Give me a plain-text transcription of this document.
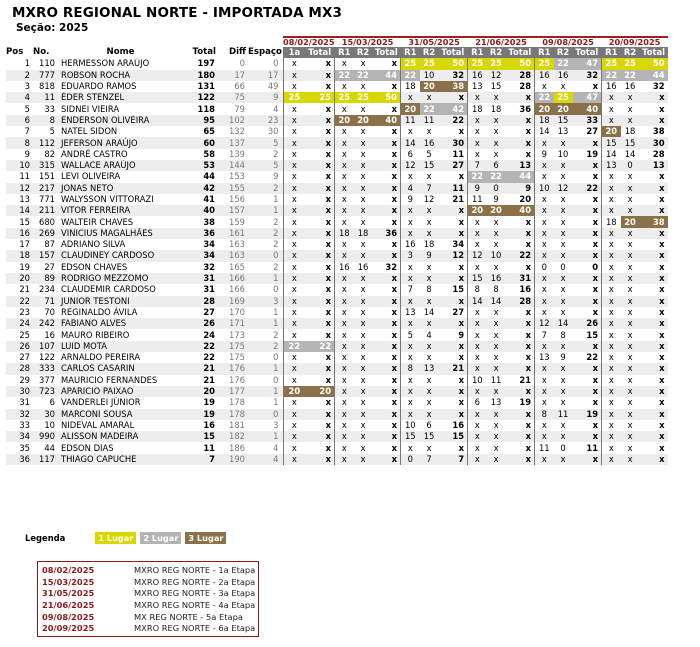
MXRO REGIONAL NORTE - IMPORTADA MX3
Seção: 2025
						08/02/2025		15/03/2025			31/05/2025			21/06/2025			09/08/2025			20/09/2025		
Pos	No.	Nome	Total	Diff	Espaço	1a	Total	R1	R2	Total	R1	R2	Total	R1	R2	Total	R1	R2	Total	R1	R2	Total
1	110	HERMESSON ARAÚJO	197	0	0	x	x	x	x	x	25	25	50	25	25	50	25	22	47	25	25	50
2	777	ROBSON ROCHA	180	17	17	x	x	22	22	44	22	10	32	16	12	28	16	16	32	22	22	44
3	818	EDUARDO RAMOS	131	66	49	x	x	x	x	x	18	20	38	13	15	28	x	x	x	16	16	32
4	11	ÉDER STENZEL	122	75	9	25	25	25	25	50	x	x	x	x	x	x	22	25	47	x	x	x
5	33	SIDNEI VIEIRA	118	79	4	x	x	x	x	x	20	22	42	18	18	36	20	20	40	x	x	x
6	8	ENDERSON OLIVEIRA	95	102	23	x	x	20	20	40	11	11	22	x	x	x	18	15	33	x	x	x
7	5	NATEL SIDON	65	132	30	x	x	x	x	x	x	x	x	x	x	x	14	13	27	20	18	38
8	112	JEFERSON ARAÚJO	60	137	5	x	x	x	x	x	14	16	30	x	x	x	x	x	x	15	15	30
9	82	ANDRÉ CASTRO	58	139	2	x	x	x	x	x	6	5	11	x	x	x	9	10	19	14	14	28
10	315	WALLACE ARAÚJO	53	144	5	x	x	x	x	x	12	15	27	7	6	13	x	x	x	13	0	13
11	151	LEVI OLIVEIRA	44	153	9	x	x	x	x	x	x	x	x	22	22	44	x	x	x	x	x	x
12	217	JONAS NETO	42	155	2	x	x	x	x	x	4	7	11	9	0	9	10	12	22	x	x	x
13	771	WALYSSON VITTORAZI	41	156	1	x	x	x	x	x	9	12	21	11	9	20	x	x	x	x	x	x
14	211	VITOR FERREIRA	40	157	1	x	x	x	x	x	x	x	x	20	20	40	x	x	x	x	x	x
15	680	WALTEIR CHAVES	38	159	2	x	x	x	x	x	x	x	x	x	x	x	x	x	x	18	20	38
16	269	VINICIUS MAGALHÃES	36	161	2	x	x	18	18	36	x	x	x	x	x	x	x	x	x	x	x	x
17	87	ADRIANO SILVA	34	163	2	x	x	x	x	x	16	18	34	x	x	x	x	x	x	x	x	x
18	157	CLAUDINEY CARDOSO	34	163	0	x	x	x	x	x	3	9	12	12	10	22	x	x	x	x	x	x
19	27	EDSON CHAVES	32	165	2	x	x	16	16	32	x	x	x	x	x	x	0	0	0	x	x	x
20	89	RODRIGO MEZZOMO	31	166	1	x	x	x	x	x	x	x	x	15	16	31	x	x	x	x	x	x
21	234	CLAUDEMIR CARDOSO	31	166	0	x	x	x	x	x	7	8	15	8	8	16	x	x	x	x	x	x
22	71	JUNIOR TESTONI	28	169	3	x	x	x	x	x	x	x	x	14	14	28	x	x	x	x	x	x
23	70	REGINALDO ÁVILA	27	170	1	x	x	x	x	x	13	14	27	x	x	x	x	x	x	x	x	x
24	242	FABIANO ALVES	26	171	1	x	x	x	x	x	x	x	x	x	x	x	12	14	26	x	x	x
25	16	MAURO RIBEIRO	24	173	2	x	x	x	x	x	5	4	9	x	x	x	7	8	15	x	x	x
26	107	LUID MOTA	22	175	2	22	22	x	x	x	x	x	x	x	x	x	x	x	x	x	x	x
27	122	ARNALDO PEREIRA	22	175	0	x	x	x	x	x	x	x	x	x	x	x	13	9	22	x	x	x
28	333	CARLOS CASARIN	21	176	1	x	x	x	x	x	8	13	21	x	x	x	x	x	x	x	x	x
29	377	MAURICIO FERNANDES	21	176	0	x	x	x	x	x	x	x	x	10	11	21	x	x	x	x	x	x
30	723	APARICIO PAIXAO	20	177	1	20	20	x	x	x	x	x	x	x	x	x	x	x	x	x	x	x
31	6	VANDERLEI JÚNIOR	19	178	1	x	x	x	x	x	x	x	x	6	13	19	x	x	x	x	x	x
32	30	MARCONI SOUSA	19	178	0	x	x	x	x	x	x	x	x	x	x	x	8	11	19	x	x	x
33	10	NIDEVAL AMARAL	16	181	3	x	x	x	x	x	10	6	16	x	x	x	x	x	x	x	x	x
34	990	ALISSON MADEIRA	15	182	1	x	x	x	x	x	15	15	15	x	x	x	x	x	x	x	x	x
35	44	EDSON DIAS	11	186	4	x	x	x	x	x	x	x	x	x	x	x	11	0	11	x	x	x
36	117	THIAGO CAPUCHE	7	190	4	x	x	x	x	x	0	7	7	x	x	x	x	x	x	x	x	x
Legenda	1 Lugar	2 Lugar	3 Lugar
08/02/2025	MXRO REG NORTE - 1a Etapa
15/03/2025	MXRO REG NORTE - 2a Etapa
31/05/2025	MXRO REG NORTE - 3a Etapa
21/06/2025	MXRO REG NORTE - 4a Etapa
09/08/2025	MX REG NORTE - 5a Etapa
20/09/2025	MXRO REG NORTE - 6a Etapa
